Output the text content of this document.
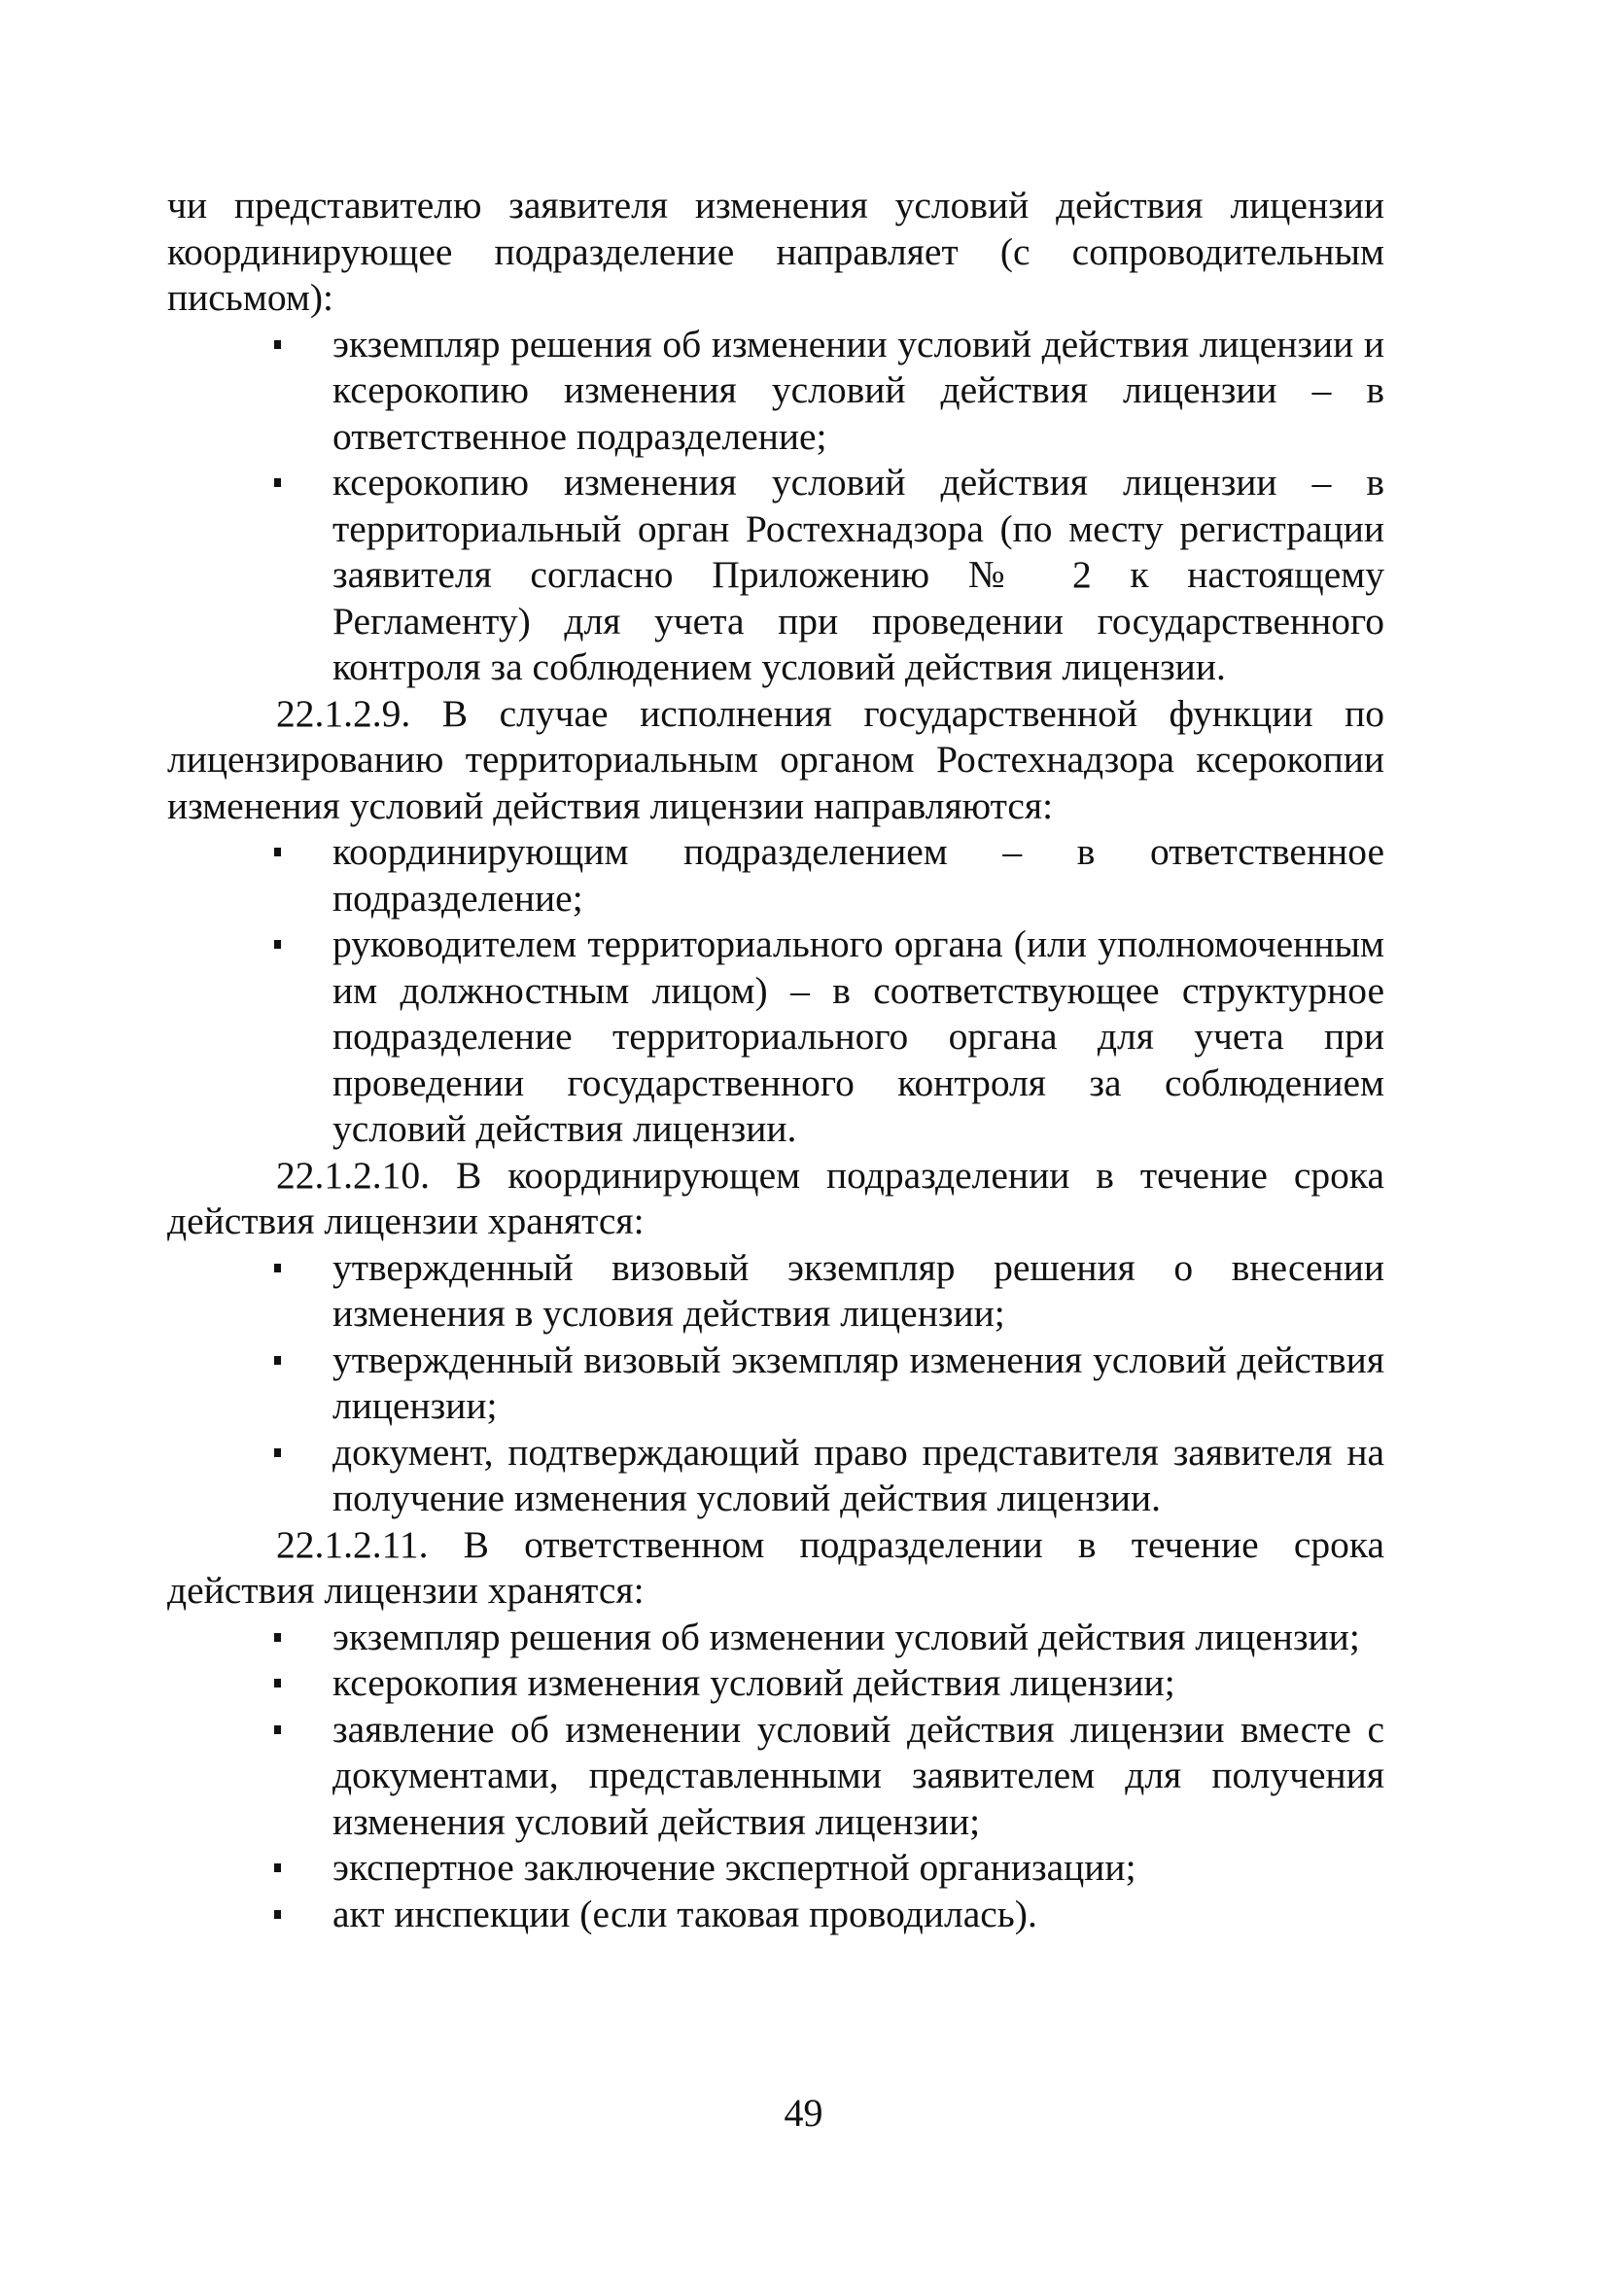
чи представителю заявителя изменения условий действия лицензии координирующее подразделение направляет (с сопроводительным письмом):

экземпляр решения об изменении условий действия лицензии и ксерокопию изменения условий действия лицензии – в ответственное подразделение;
ксерокопию изменения условий действия лицензии – в территориальный орган Ростехнадзора (по месту регистрации заявителя согласно Приложению № 2 к настоящему Регламенту) для учета при проведении государственного контроля за соблюдением условий действия лицензии.

22.1.2.9. В случае исполнения государственной функции по лицензированию территориальным органом Ростехнадзора ксерокопии изменения условий действия лицензии направляются:

координирующим подразделением – в ответственное подразделение;
руководителем территориального органа (или уполномоченным им должностным лицом) – в соответствующее структурное подразделение территориального органа для учета при проведении государственного контроля за соблюдением условий действия лицензии.

22.1.2.10. В координирующем подразделении в течение срока действия лицензии хранятся:

утвержденный визовый экземпляр решения о внесении изменения в условия действия лицензии;
утвержденный визовый экземпляр изменения условий действия лицензии;
документ, подтверждающий право представителя заявителя на получение изменения условий действия лицензии.

22.1.2.11. В ответственном подразделении в течение срока действия лицензии хранятся:

экземпляр решения об изменении условий действия лицензии;
ксерокопия изменения условий действия лицензии;
заявление об изменении условий действия лицензии вместе с документами, представленными заявителем для получения изменения условий действия лицензии;
экспертное заключение экспертной организации;
акт инспекции (если таковая проводилась).
49
